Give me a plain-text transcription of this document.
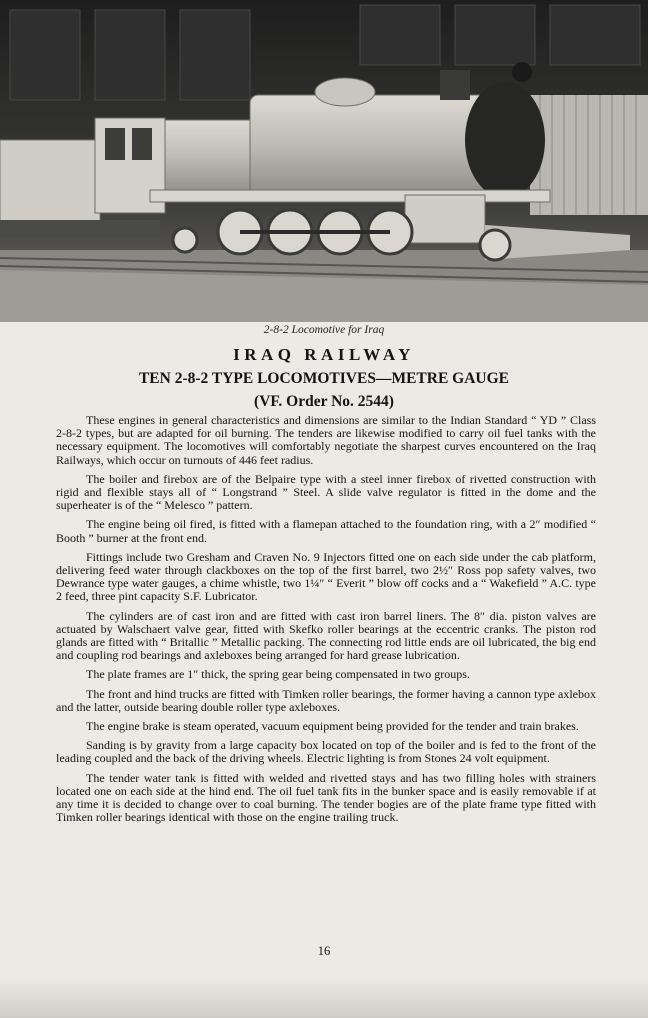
2-8-2 Locomotive for Iraq
IRAQ RAILWAY
TEN 2-8-2 TYPE LOCOMOTIVES—METRE GAUGE
(VF. Order No. 2544)

These engines in general characteristics and dimensions are similar to the Indian Standard “ YD ” Class 2-8-2 types, but are adapted for oil burning. The tenders are likewise modified to carry oil fuel tanks with the necessary equipment. The locomotives will comfortably negotiate the sharpest curves encountered on the Iraq Railways, which occur on turnouts of 446 feet radius.

The boiler and firebox are of the Belpaire type with a steel inner firebox of rivetted construction with rigid and flexible stays all of “ Longstrand ” Steel. A slide valve regulator is fitted in the dome and the superheater is of the “ Melesco ” pattern.

The engine being oil fired, is fitted with a flamepan attached to the foundation ring, with a 2″ modified “ Booth ” burner at the front end.

Fittings include two Gresham and Craven No. 9 Injectors fitted one on each side under the cab platform, delivering feed water through clackboxes on the top of the first barrel, two 2½″ Ross pop safety valves, two Dewrance type water gauges, a chime whistle, two 1¼″ “ Everit ” blow off cocks and a “ Wakefield ” A.C. type 2 feed, three pint capacity S.F. Lubricator.

The cylinders are of cast iron and are fitted with cast iron barrel liners. The 8″ dia. piston valves are actuated by Walschaert valve gear, fitted with Skefko roller bearings at the eccentric cranks. The piston rod glands are fitted with “ Britallic ” Metallic packing. The connecting rod little ends are oil lubricated, the big end and coupling rod bearings and axleboxes being arranged for hard grease lubrication.

The plate frames are 1″ thick, the spring gear being compensated in two groups.

The front and hind trucks are fitted with Timken roller bearings, the former having a cannon type axlebox and the latter, outside bearing double roller type axleboxes.

The engine brake is steam operated, vacuum equipment being provided for the tender and train brakes.

Sanding is by gravity from a large capacity box located on top of the boiler and is fed to the front of the leading coupled and the back of the driving wheels. Electric lighting is from Stones 24 volt equipment.

The tender water tank is fitted with welded and rivetted stays and has two filling holes with strainers located one on each side at the hind end. The oil fuel tank fits in the bunker space and is easily removable if at any time it is decided to change over to coal burning. The tender bogies are of the plate frame type fitted with Timken roller bearings identical with those on the engine trailing truck.

16
